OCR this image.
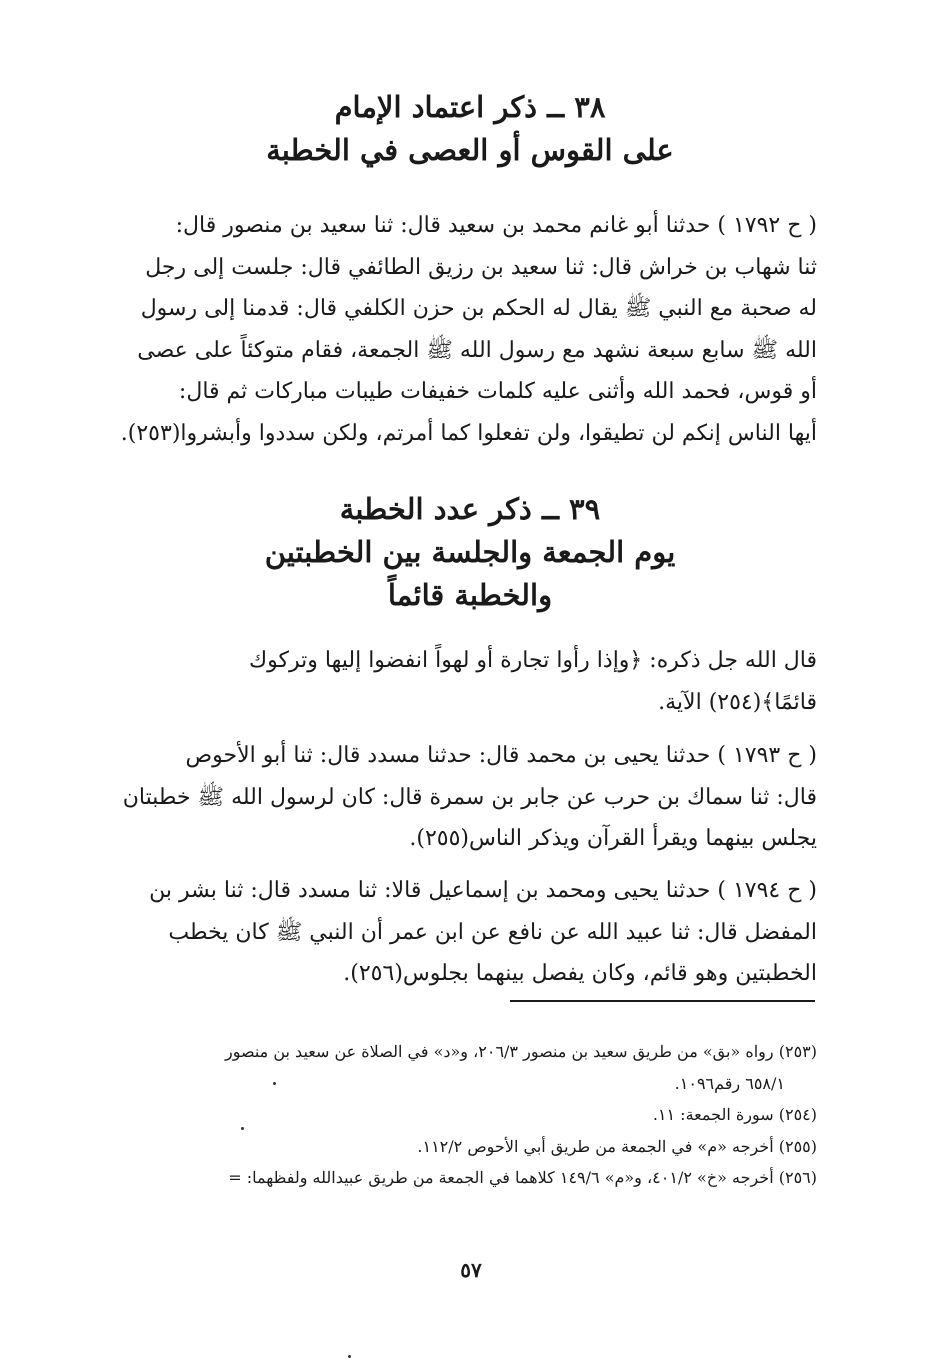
٣٨ ــ ذكر اعتماد الإمام
على القوس أو العصى في الخطبة

( ح ١٧٩٢ ) حدثنا أبو غانم محمد بن سعيد قال: ثنا سعيد بن منصور قال:
ثنا شهاب بن خراش قال: ثنا سعيد بن رزيق الطائفي قال: جلست إلى رجل
له صحبة مع النبي ﷺ يقال له الحكم بن حزن الكلفي قال: قدمنا إلى رسول
الله ﷺ سابع سبعة نشهد مع رسول الله ﷺ الجمعة، فقام متوكئاً على عصى
أو قوس، فحمد الله وأثنى عليه كلمات خفيفات طيبات مباركات ثم قال:
أيها الناس إنكم لن تطيقوا، ولن تفعلوا كما أمرتم، ولكن سددوا وأبشروا(٢٥٣).

٣٩ ــ ذكر عدد الخطبة
يوم الجمعة والجلسة بين الخطبتين
والخطبة قائماً

قال الله جل ذكره: ﴿وإذا رأوا تجارة أو لهواً انفضوا إليها وتركوك
قائمًا﴾(٢٥٤) الآية.

( ح ١٧٩٣ ) حدثنا يحيى بن محمد قال: حدثنا مسدد قال: ثنا أبو الأحوص
قال: ثنا سماك بن حرب عن جابر بن سمرة قال: كان لرسول الله ﷺ خطبتان
يجلس بينهما ويقرأ القرآن ويذكر الناس(٢٥٥).

( ح ١٧٩٤ ) حدثنا يحيى ومحمد بن إسماعيل قالا: ثنا مسدد قال: ثنا بشر بن
المفضل قال: ثنا عبيد الله عن نافع عن ابن عمر أن النبي ﷺ كان يخطب
الخطبتين وهو قائم، وكان يفصل بينهما بجلوس(٢٥٦).

(٢٥٣) رواه «بق» من طريق سعيد بن منصور ٢٠٦/٣، و«د» في الصلاة عن سعيد بن منصور
٦٥٨/١ رقم١٠٩٦.
(٢٥٤) سورة الجمعة: ١١.
(٢٥٥) أخرجه «م» في الجمعة من طريق أبي الأحوص ١١٢/٢.
(٢٥٦) أخرجه «خ» ٤٠١/٢، و«م» ١٤٩/٦ كلاهما في الجمعة من طريق عبيدالله ولفظهما: =
٥٧
